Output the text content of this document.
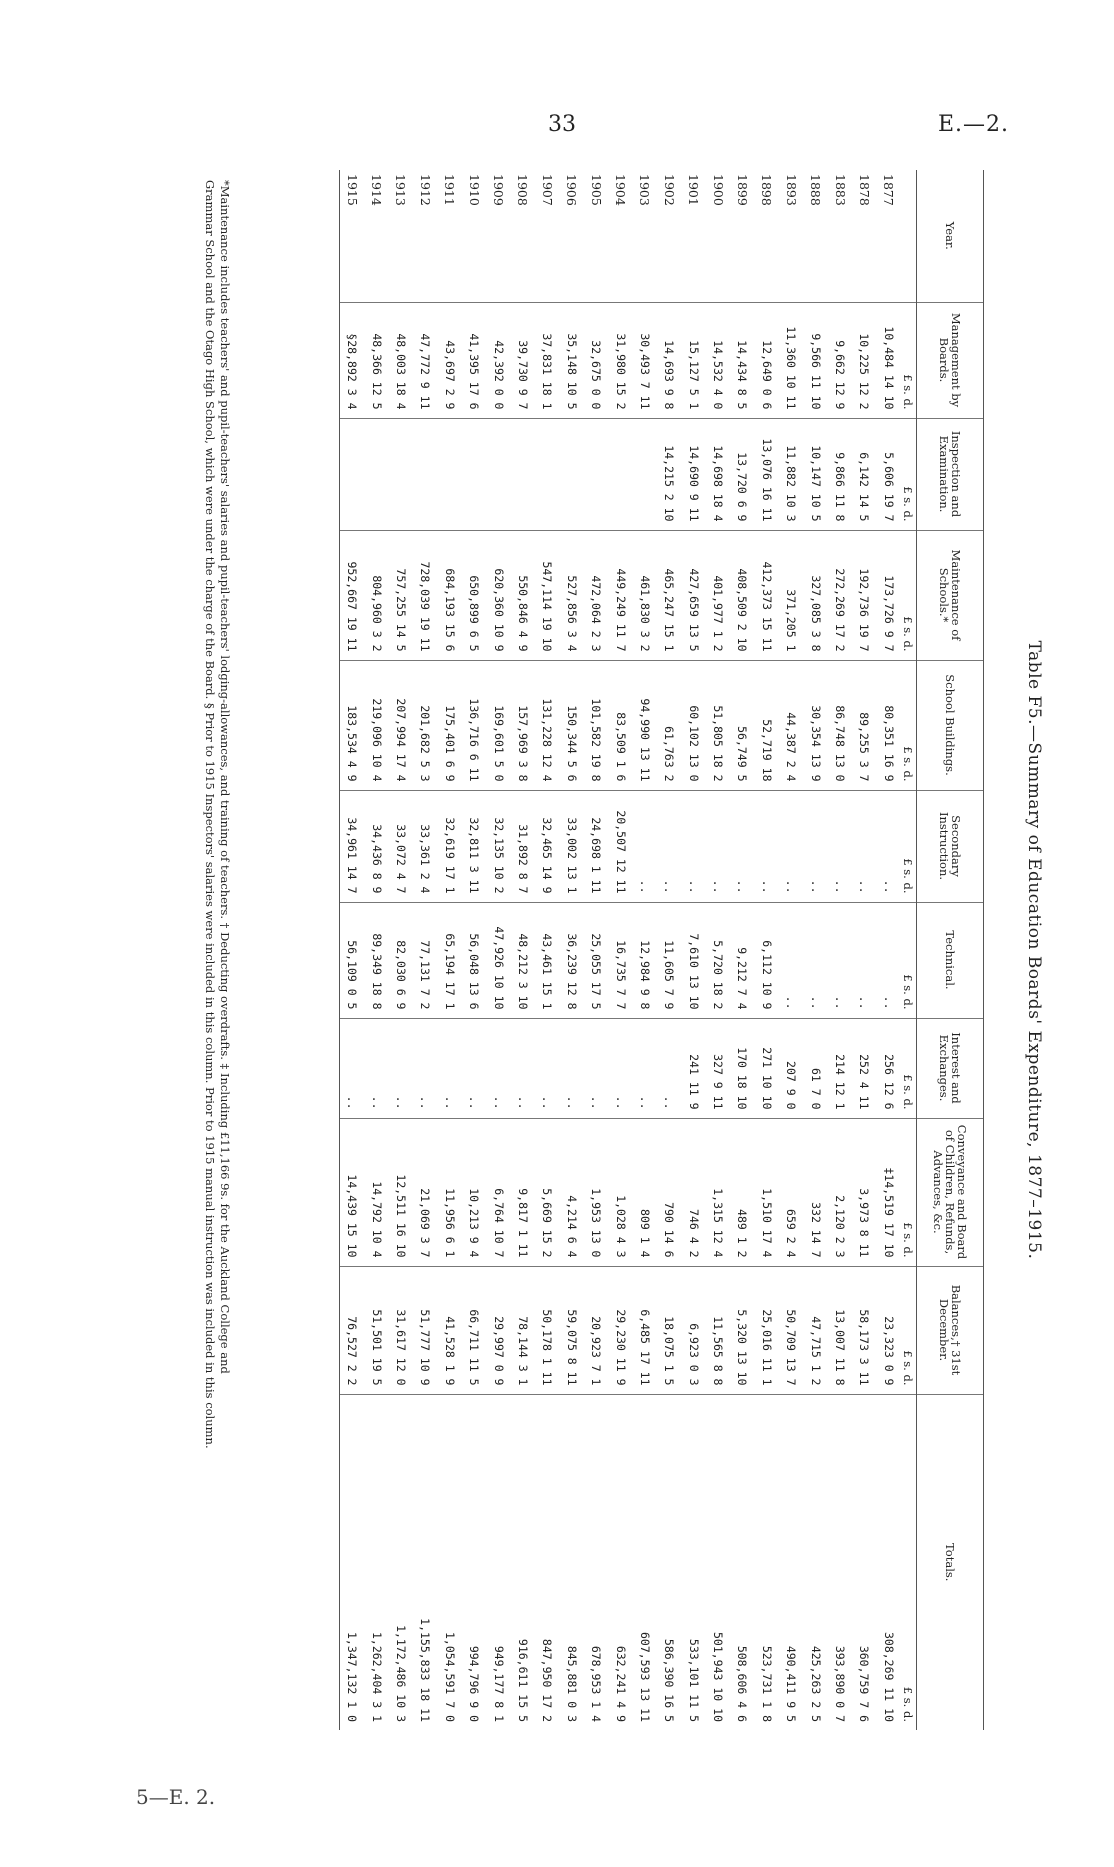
33	E.—2.
5—E. 2.
Table F5.—Summary of Education Boards' Expenditure, 1877–1915.
Year.	Management by Boards.	Inspection and Examination.	Maintenance of Schools.*	School Buildings.	Secondary Instruction.	Technical.	Interest and Exchanges.	Conveyance and Board of Children, Refunds, Advances, &c.	Balances,† 31st December.	Totals.
	£ s. d.	£ s. d.	£ s. d.	£ s. d.	£ s. d.	£ s. d.	£ s. d.	£ s. d.	£ s. d.	£ s. d.
1877	10,484 14 10	5,606 19 7	173,726 9 7	80,351 16 9	..	..	256 12 6	‡14,519 17 10	23,323 0 9	308,269 11 10
1878	10,225 12 2	6,142 14 5	192,736 19 7	89,255 3 7	..	..	252 4 11	3,973 8 11	58,173 3 11	360,759 7 6
1883	9,662 12 9	9,866 11 8	272,269 17 2	86,748 13 0	..	..	214 12 1	2,120 2 3	13,007 11 8	393,890 0 7
1888	9,566 11 10	10,147 10 5	327,085 3 8	30,354 13 9	..	..	61 7 0	332 14 7	47,715 1 2	425,263 2 5
1893	11,360 10 11	11,882 10 3	371,205 1	44,387 2 4	..	..	207 9 0	659 2 4	50,709 13 7	490,411 9 5
1898	12,649 0 6	13,076 16 11	412,373 15 11	52,719 18	..	6,112 10 9	271 10 10	1,510 17 4	25,016 11 1	523,731 1 8
1899	14,434 8 5	13,720 6 9	408,509 2 10	56,749 5	..	9,212 7 4	170 18 10	489 1 2	5,320 13 10	508,606 4 6
1900	14,532 4 0	14,698 18 4	401,977 1 2	51,805 18 2	..	5,720 18 2	327 9 11	1,315 12 4	11,565 8 8	501,943 10 10
1901	15,127 5 1	14,690 9 11	427,659 13 5	60,102 13 0	..	7,610 13 10	241 11 9	746 4 2	6,923 0 3	533,101 11 5
1902	14,693 9 8	14,215 2 10	465,247 15 1	61,763 2	..	11,605 7 9	..	790 14 6	18,075 1 5	586,390 16 5
1903	30,493 7 11		461,830 3 2	94,990 13 11	..	12,984 9 8	..	809 1 4	6,485 17 11	607,593 13 11
1904	31,980 15 2		449,249 11 7	83,509 1 6	20,507 12 11	16,735 7 7	..	1,028 4 3	29,230 11 9	632,241 4 9
1905	32,675 0 0		472,064 2 3	101,582 19 8	24,698 1 11	25,055 17 5	..	1,953 13 0	20,923 7 1	678,953 1 4
1906	35,148 10 5		527,856 3 4	150,344 5 6	33,002 13 1	36,239 12 8	..	4,214 6 4	59,075 8 11	845,881 0 3
1907	37,831 18 1		547,114 19 10	131,228 12 4	32,465 14 9	43,461 15 1	..	5,669 15 2	50,178 1 11	847,950 17 2
1908	39,730 9 7		550,846 4 9	157,969 3 8	31,892 8 7	48,212 3 10	..	9,817 1 11	78,144 3 1	916,611 15 5
1909	42,392 0 0		620,360 10 9	169,601 5 0	32,135 10 2	47,926 10 10	..	6,764 10 7	29,997 0 9	949,177 8 1
1910	41,395 17 6		650,899 6 5	136,716 6 11	32,811 3 11	56,048 13 6	..	10,213 9 4	66,711 11 5	994,796 9 0
1911	43,697 2 9		684,193 15 6	175,401 6 9	32,619 17 1	65,194 17 1	..	11,956 6 1	41,528 1 9	1,054,591 7 0
1912	47,772 9 11		728,039 19 11	201,682 5 3	33,361 2 4	77,131 7 2	..	21,069 3 7	51,777 10 9	1,155,833 18 11
1913	48,003 18 4		757,255 14 5	207,994 17 4	33,072 4 7	82,030 6 9	..	12,511 16 10	31,617 12 0	1,172,486 10 3
1914	48,366 12 5		804,960 3 2	219,096 10 4	34,436 8 9	89,349 18 8	..	14,792 10 4	51,501 19 5	1,262,404 3 1
1915	§28,892 3 4		952,667 19 11	183,534 4 9	34,961 14 7	56,109 0 5	..	14,439 15 10	76,527 2 2	1,347,132 1 0
*Maintenance includes teachers' and pupil-teachers' salaries and pupil-teachers' lodging-allowances, and training of teachers. † Deducting overdrafts. ‡ Including £11,166 9s. for the Auckland College and
Grammar School and the Otago High School, which were under the charge of the Board. § Prior to 1915 Inspectors' salaries were included in this column. Prior to 1915 manual instruction was included in this column.
